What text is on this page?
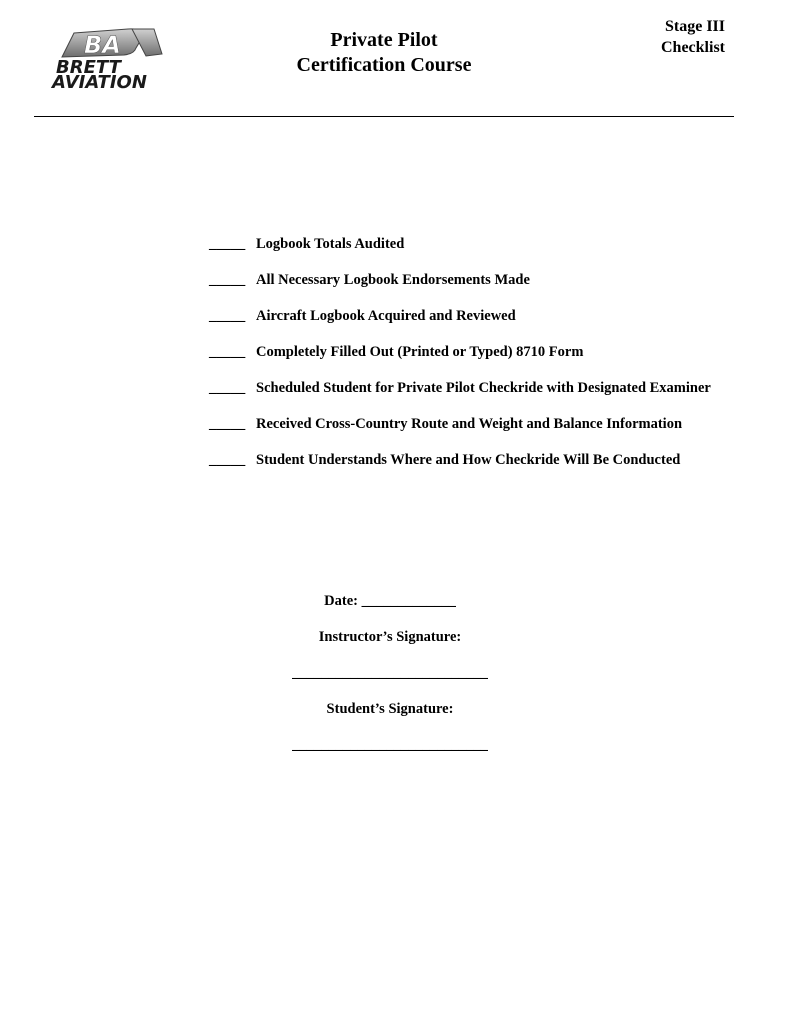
BA
BRETT
AVIATION
Private Pilot
Certification Course
Stage III
Checklist
_____ Logbook Totals Audited
_____ All Necessary Logbook Endorsements Made
_____ Aircraft Logbook Acquired and Reviewed
_____ Completely Filled Out (Printed or Typed) 8710 Form
_____ Scheduled Student for Private Pilot Checkride with Designated Examiner
_____ Received Cross-Country Route and Weight and Balance Information
_____ Student Understands Where and How Checkride Will Be Conducted
Date: _____________
Instructor’s Signature:
___________________________
Student’s Signature:
___________________________
